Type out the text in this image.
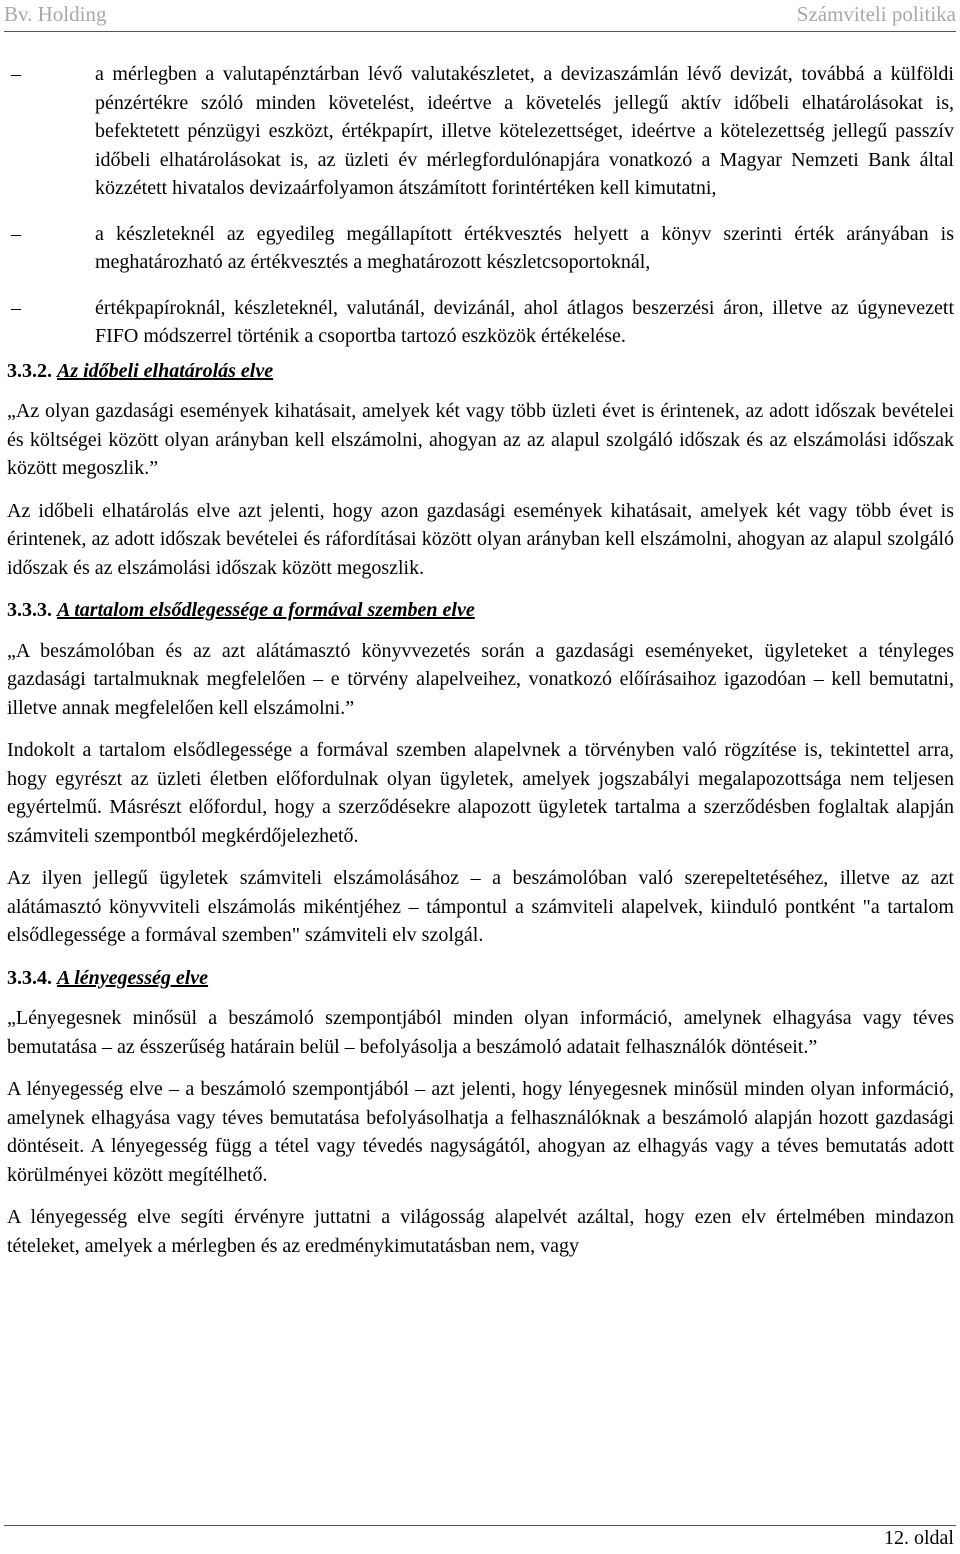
Bv. Holding	Számviteli politika
–	a mérlegben a valutapénztárban lévő valutakészletet, a devizaszámlán lévő devizát, továbbá a külföldi pénzértékre szóló minden követelést, ideértve a követelés jellegű aktív időbeli elhatárolásokat is, befektetett pénzügyi eszközt, értékpapírt, illetve kötelezettséget, ideértve a kötelezettség jellegű passzív időbeli elhatárolásokat is, az üzleti év mérlegfordulónapjára vonatkozó a Magyar Nemzeti Bank által közzétett hivatalos devizaárfolyamon átszámított forintértéken kell kimutatni,
–	a készleteknél az egyedileg megállapított értékvesztés helyett a könyv szerinti érték arányában is meghatározható az értékvesztés a meghatározott készletcsoportoknál,
–	értékpapíroknál, készleteknél, valutánál, devizánál, ahol átlagos beszerzési áron, illetve az úgynevezett FIFO módszerrel történik a csoportba tartozó eszközök értékelése.
3.3.2. Az időbeli elhatárolás elve

„Az olyan gazdasági események kihatásait, amelyek két vagy több üzleti évet is érintenek, az adott időszak bevételei és költségei között olyan arányban kell elszámolni, ahogyan az az alapul szolgáló időszak és az elszámolási időszak között megoszlik.”

Az időbeli elhatárolás elve azt jelenti, hogy azon gazdasági események kihatásait, amelyek két vagy több évet is érintenek, az adott időszak bevételei és ráfordításai között olyan arányban kell elszámolni, ahogyan az alapul szolgáló időszak és az elszámolási időszak között megoszlik.

3.3.3. A tartalom elsődlegessége a formával szemben elve

„A beszámolóban és az azt alátámasztó könyvvezetés során a gazdasági eseményeket, ügyleteket a tényleges gazdasági tartalmuknak megfelelően – e törvény alapelveihez, vonatkozó előírásaihoz igazodóan – kell bemutatni, illetve annak megfelelően kell elszámolni.”

Indokolt a tartalom elsődlegessége a formával szemben alapelvnek a törvényben való rögzítése is, tekintettel arra, hogy egyrészt az üzleti életben előfordulnak olyan ügyletek, amelyek jogszabályi megalapozottsága nem teljesen egyértelmű. Másrészt előfordul, hogy a szerződésekre alapozott ügyletek tartalma a szerződésben foglaltak alapján számviteli szempontból megkérdőjelezhető.

Az ilyen jellegű ügyletek számviteli elszámolásához – a beszámolóban való szerepeltetéséhez, illetve az azt alátámasztó könyvviteli elszámolás mikéntjéhez – támpontul a számviteli alapelvek, kiinduló pontként "a tartalom elsődlegessége a formával szemben" számviteli elv szolgál.

3.3.4. A lényegesség elve

„Lényegesnek minősül a beszámoló szempontjából minden olyan információ, amelynek elhagyása vagy téves bemutatása – az ésszerűség határain belül – befolyásolja a beszámoló adatait felhasználók döntéseit.”

A lényegesség elve – a beszámoló szempontjából – azt jelenti, hogy lényegesnek minősül minden olyan információ, amelynek elhagyása vagy téves bemutatása befolyásolhatja a felhasználóknak a beszámoló alapján hozott gazdasági döntéseit. A lényegesség függ a tétel vagy tévedés nagyságától, ahogyan az elhagyás vagy a téves bemutatás adott körülményei között megítélhető.

A lényegesség elve segíti érvényre juttatni a világosság alapelvét azáltal, hogy ezen elv értelmében mindazon tételeket, amelyek a mérlegben és az eredménykimutatásban nem, vagy

12. oldal
